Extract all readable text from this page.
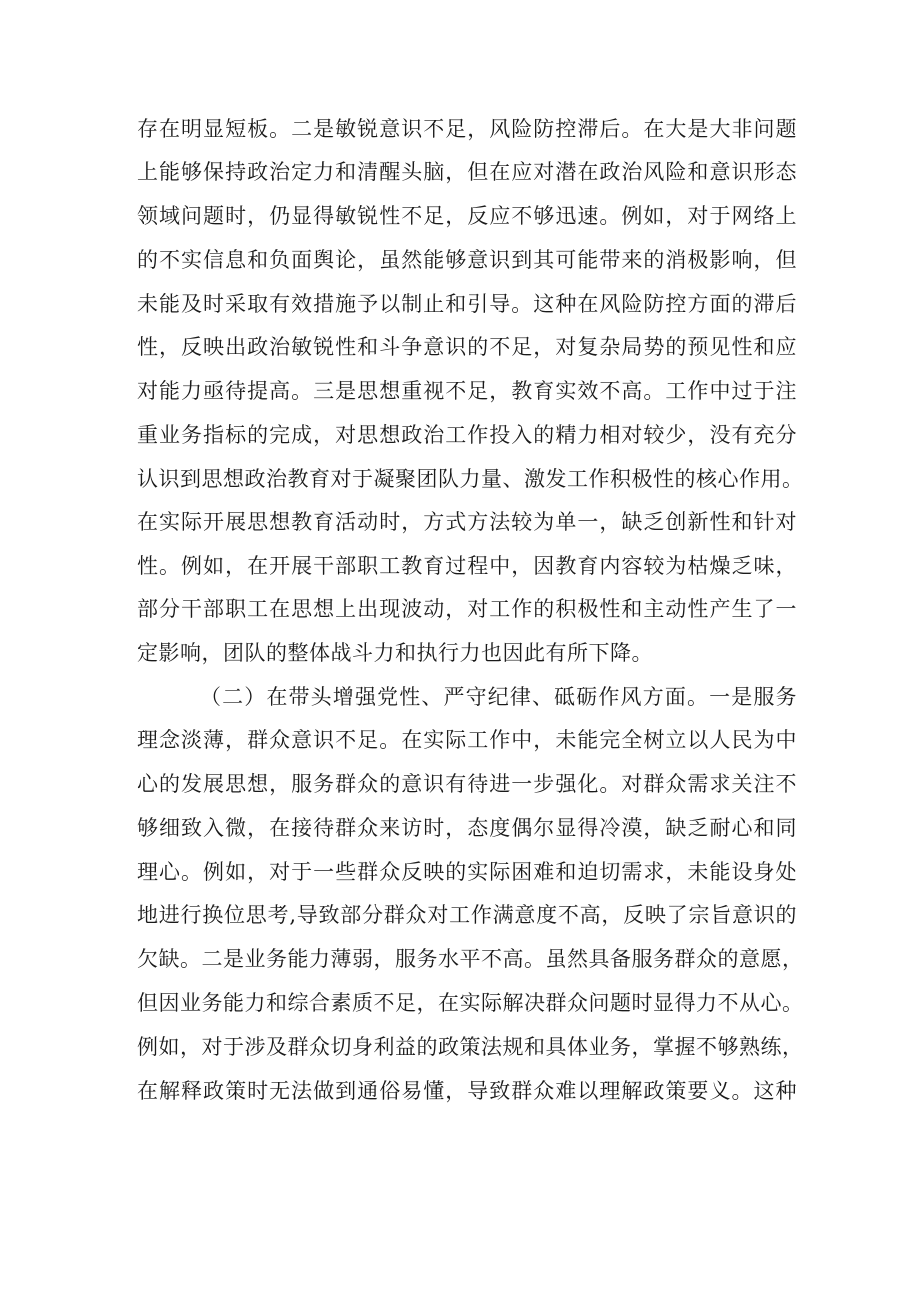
存在明显短板。二是敏锐意识不足，风险防控滞后。在大是大非问题
上能够保持政治定力和清醒头脑，但在应对潜在政治风险和意识形态
领域问题时，仍显得敏锐性不足，反应不够迅速。例如，对于网络上
的不实信息和负面舆论，虽然能够意识到其可能带来的消极影响，但
未能及时采取有效措施予以制止和引导。这种在风险防控方面的滞后
性，反映出政治敏锐性和斗争意识的不足，对复杂局势的预见性和应
对能力亟待提高。三是思想重视不足，教育实效不高。工作中过于注
重业务指标的完成，对思想政治工作投入的精力相对较少，没有充分
认识到思想政治教育对于凝聚团队力量、激发工作积极性的核心作用。
在实际开展思想教育活动时，方式方法较为单一，缺乏创新性和针对
性。例如，在开展干部职工教育过程中，因教育内容较为枯燥乏味，
部分干部职工在思想上出现波动，对工作的积极性和主动性产生了一
定影响，团队的整体战斗力和执行力也因此有所下降。
（二）在带头增强党性、严守纪律、砥砺作风方面。一是服务
理念淡薄，群众意识不足。在实际工作中，未能完全树立以人民为中
心的发展思想，服务群众的意识有待进一步强化。对群众需求关注不
够细致入微，在接待群众来访时，态度偶尔显得冷漠，缺乏耐心和同
理心。例如，对于一些群众反映的实际困难和迫切需求，未能设身处
地进行换位思考,导致部分群众对工作满意度不高，反映了宗旨意识的
欠缺。二是业务能力薄弱，服务水平不高。虽然具备服务群众的意愿，
但因业务能力和综合素质不足，在实际解决群众问题时显得力不从心。
例如，对于涉及群众切身利益的政策法规和具体业务，掌握不够熟练，
在解释政策时无法做到通俗易懂，导致群众难以理解政策要义。这种
